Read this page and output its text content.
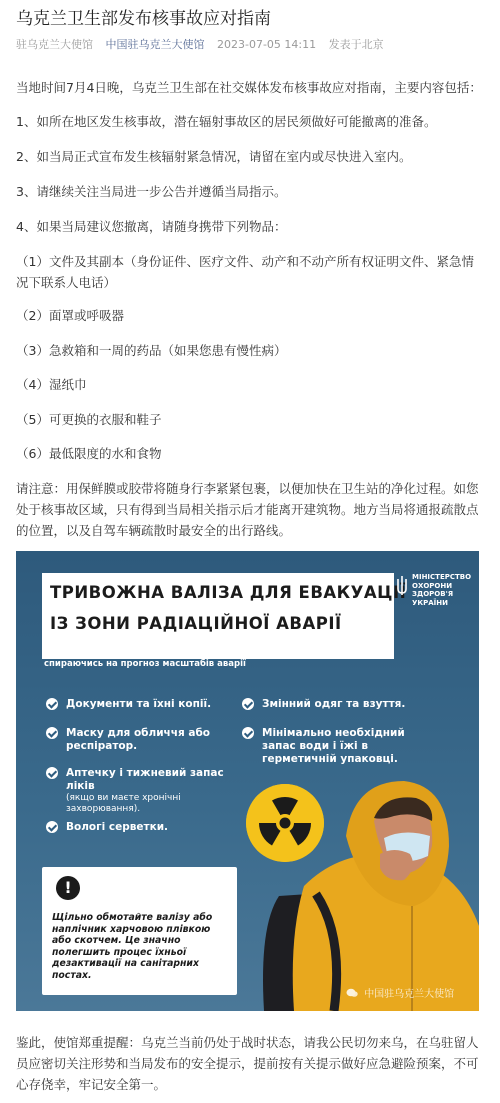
乌克兰卫生部发布核事故应对指南
驻乌克兰大使馆 中国驻乌克兰大使馆 2023-07-05 14:11 发表于北京
当地时间7月4日晚，乌克兰卫生部在社交媒体发布核事故应对指南，主要内容包括：
1、如所在地区发生核事故，潜在辐射事故区的居民须做好可能撤离的准备。
2、如当局正式宣布发生核辐射紧急情况，请留在室内或尽快进入室内。
3、请继续关注当局进一步公告并遵循当局指示。
4、如果当局建议您撤离，请随身携带下列物品：
（1）文件及其副本（身份证件、医疗文件、动产和不动产所有权证明文件、紧急情况下联系人电话）
（2）面罩或呼吸器
（3）急救箱和一周的药品（如果您患有慢性病）
（4）湿纸巾
（5）可更换的衣服和鞋子
（6）最低限度的水和食物
请注意：用保鲜膜或胶带将随身行李紧紧包裹，以便加快在卫生站的净化过程。如您处于核事故区域，只有得到当局相关指示后才能离开建筑物。地方当局将通报疏散点的位置，以及自驾车辆疏散时最安全的出行路线。
ТРИВОЖНА ВАЛІЗА ДЛЯ ЕВАКУАЦІЇ
ІЗ ЗОНИ РАДІАЦІЙНОЇ АВАРІЇ
МІНІСТЕРСТВО
ОХОРОНИ
ЗДОРОВ'Я
УКРАЇНИ
* зона евакуації буде визначена органами влади, спираючись на прогноз масштабів аварії
Документи та їхні копії.
Маску для обличчя або респіратор.
Аптечку і тижневий запас ліків
(якщо ви маєте хронічні захворювання).
Вологі серветки.
Змінний одяг та взуття.
Мінімально необхідний запас води і їжі в герметичній упаковці.
!
Щільно обмотайте валізу або наплічник харчовою плівкою або скотчем. Це значно полегшить процес їхньої дезактивації на санітарних постах.
中国驻乌克兰大使馆
鉴此，使馆郑重提醒：乌克兰当前仍处于战时状态，请我公民切勿来乌，在乌驻留人员应密切关注形势和当局发布的安全提示，提前按有关提示做好应急避险预案，不可心存侥幸，牢记安全第一。
